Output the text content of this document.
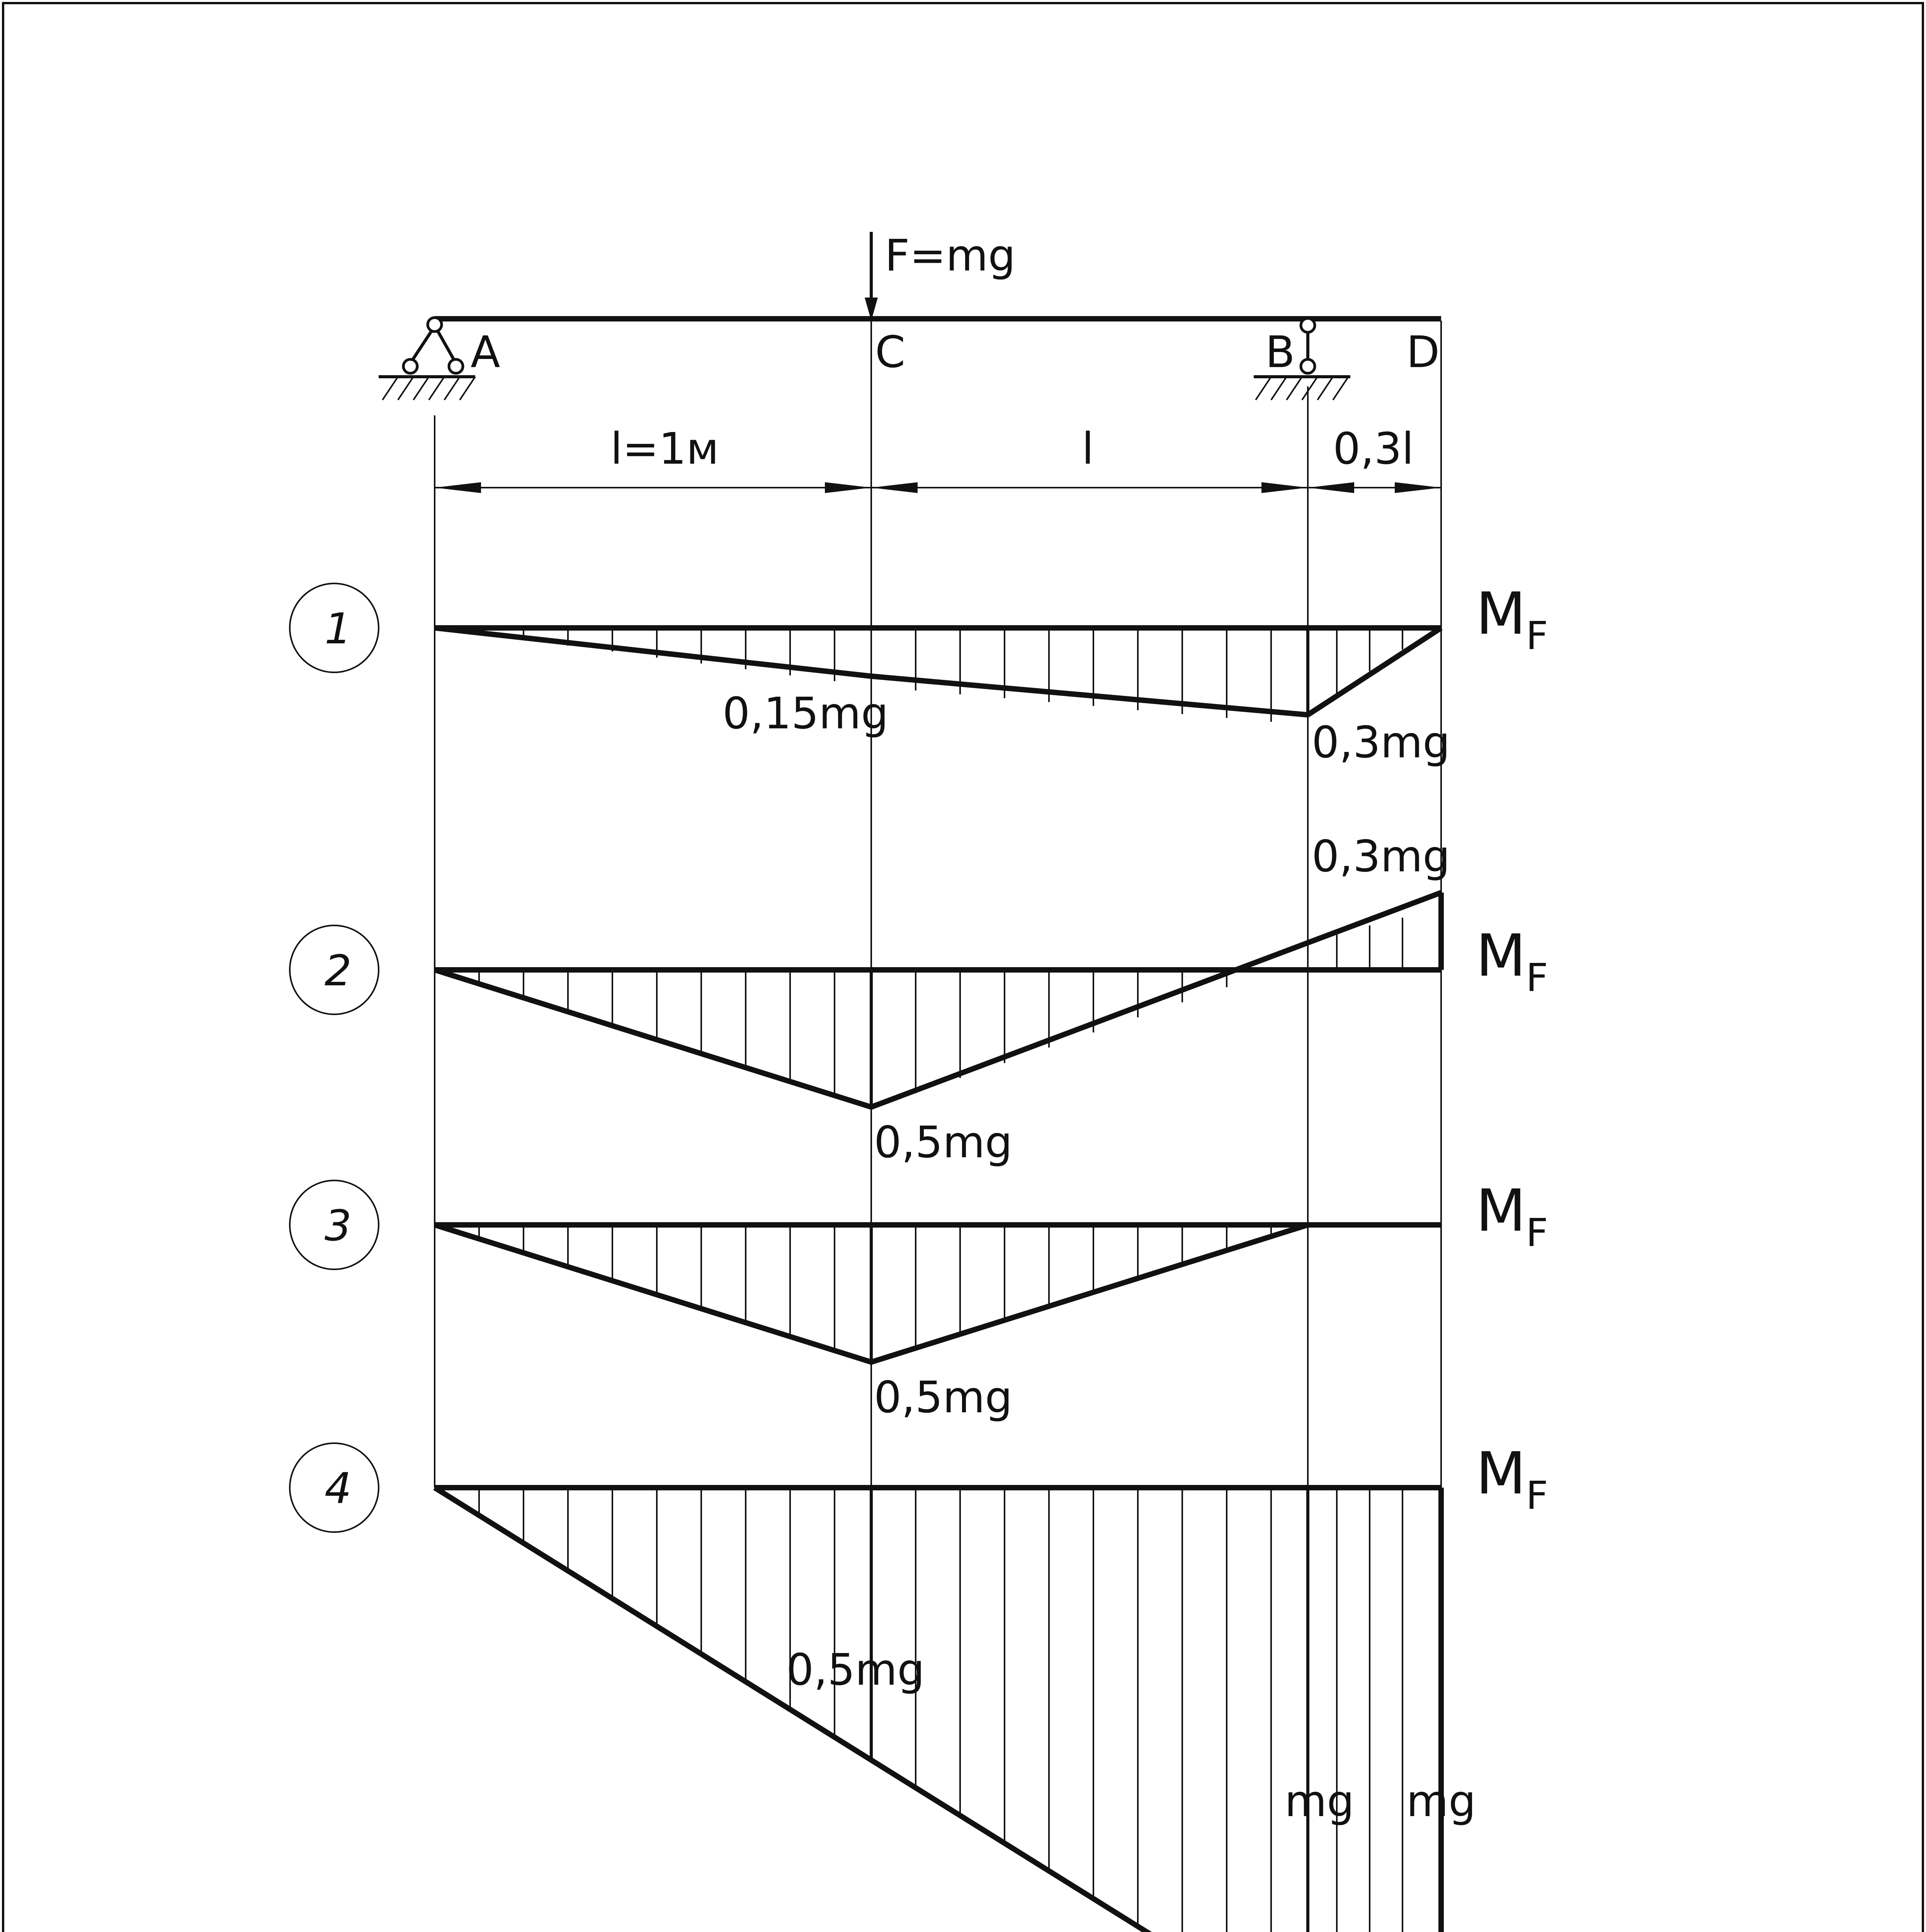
F=mg
A	C	B	D
l=1м	l	0,3l
1
0,15mg
0,3mg
$M_F$
2
0,3mg
0,5mg
$M_F$
3
0,5mg
$M_F$
4
0,5mg
mg mg
$M_F$
